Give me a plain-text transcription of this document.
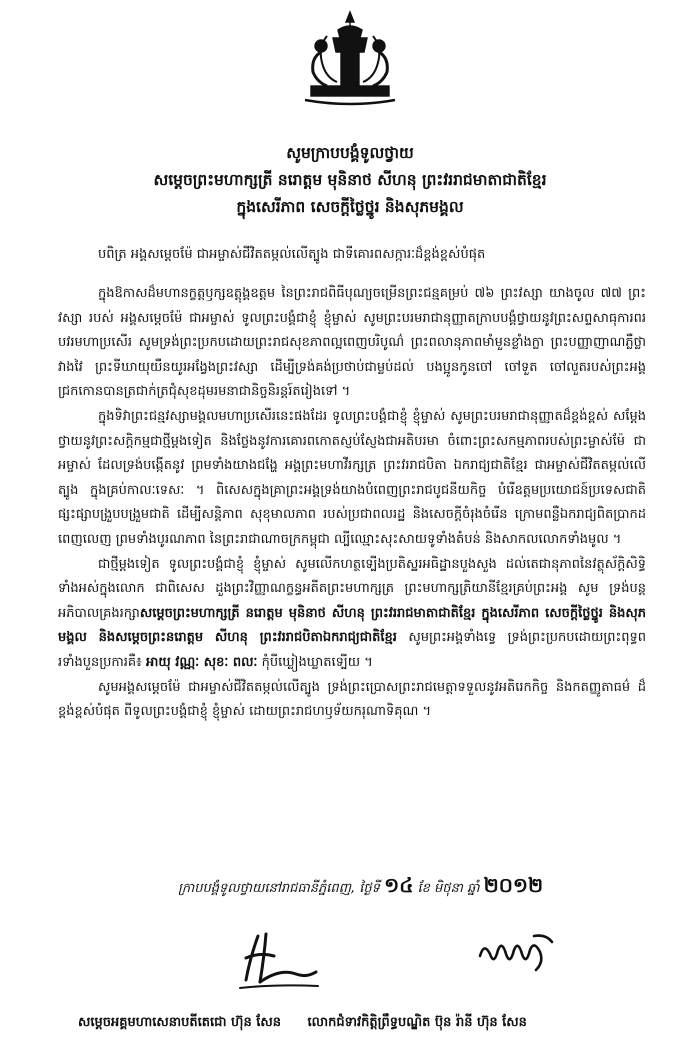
សូមក្រាបបង្គំទូលថ្វាយ
សម្តេចព្រះមហាក្សត្រី នរោត្តម មុនិនាថ សីហនុ ព្រះវររាជមាតាជាតិខ្មែរ
ក្នុងសេរីភាព សេចក្តីថ្លៃថ្នូរ និងសុភមង្គល
បពិត្រ អង្គសម្តេចម៉ែ ជាអម្ចាស់ជីវិតតម្កល់លើត្បូង ជាទីគោរពសក្ការៈដ៏ខ្ពង់ខ្ពស់បំផុត

ក្នុងឱកាសដ៏មហានក្ខត្តឫក្សឧត្តុង្គឧត្តម នៃព្រះរាជពិធីបុណ្យចម្រើនព្រះជន្មគម្រប់ ៧៦ ព្រះវស្សា យាងចូល ៧៧ ព្រះវស្សា របស់ អង្គសម្តេចម៉ែ ជាអម្ចាស់ ទូលព្រះបង្គំជាខ្ញុំ ខ្ញុំម្ចាស់ សូមព្រះបរមរាជានុញ្ញាតក្រាបបង្គំថ្វាយនូវព្រះសព្ទសាធុការពរ បវរមហាប្រសើរ សូមទ្រង់ព្រះប្រកបដោយព្រះរាជសុខភាពល្អពេញបរិបូណ៌ ព្រះពលានុភាពមាំមួនខ្លាំងក្លា ព្រះបញ្ញាញាណភ្លឺថ្លាវាងវៃ ព្រះទីឃាយុយឺនយូរអង្វែងព្រះវស្សា ដើម្បីទ្រង់គង់ប្រថាប់ជាម្លប់ដល់ បងប្អូនកូនចៅ ចៅទួត ចៅលួតរបស់ព្រះអង្គ ជ្រកកោនបានត្រជាក់ត្រជុំសុខដុមរមនាជានិច្ចនិរន្តរ៍តរៀងទៅ ។

ក្នុងទិវាព្រះជន្មវស្សាមង្គលមហាប្រសើរនេះផងដែរ ទូលព្រះបង្គំជាខ្ញុំ ខ្ញុំម្ចាស់ សូមព្រះបរមរាជានុញ្ញាតដ៏ខ្ពង់ខ្ពស់ សម្តែងថ្វាយនូវព្រះសក្តិកម្មជាថ្មីម្តងទៀត និងថ្លែងនូវការគោរពកោតស្ញប់ស្ញែងជាអតិបរមា ចំពោះព្រះសកម្មភាពរបស់ព្រះម្ចាស់ម៉ែ ជាអម្ចាស់ ដែលទ្រង់បង្កើតនូវ ព្រមទាំងយាងជង្ហែ អង្គព្រះមហាវីរក្សត្រ ព្រះវររាជបិតា ឯករាជ្យជាតិខ្មែរ ជាអម្ចាស់ជីវិតតម្កល់លើត្បូង ក្នុងគ្រប់កាលៈទេសៈ ។ ពិសេសក្នុងគ្រាព្រះអង្គទ្រង់យាងបំពេញព្រះរាជបូជនីយកិច្ច បំរើឧត្តមប្រយោជន៍ប្រទេសជាតិ ផ្សះផ្សាបង្រួបបង្រួមជាតិ ដើម្បីសន្តិភាព សុខុមាលភាព របស់ប្រជាពលរដ្ឋ និងសេចក្តីចំរុងចំរើន ក្រោមពន្លឺឯករាជ្យពិតប្រាកដ ពេញលេញ ព្រមទាំងបូរណភាព នៃព្រះរាជាណាចក្រកម្ពុជា ល្បីឈ្មោះសុះសាយទូទាំងតំបន់ និងសាកលលោកទាំងមូល ។

ជាថ្មីម្តងទៀត ទូលព្រះបង្គំជាខ្ញុំ ខ្ញុំម្ចាស់ សូមលើកហត្ថទ្បើងប្រតិស្ឋរអធិដ្ឋានបួងសួង ដល់តេជានុភាពនៃវត្ថុស័ក្តិសិទ្ធិទាំងអស់ក្នុងលោក ជាពិសេស ដួងព្រះវិញ្ញាណក្ខន្ធអតីតព្រះមហាក្សត្រ ព្រះមហាក្សត្រិយានីខ្មែរគ្រប់ព្រះអង្គ សូម ទ្រង់បន្តអភិបាលគ្រងរក្សាសម្តេចព្រះមហាក្សត្រី នរោត្តម មុនិនាថ សីហនុ ព្រះវររាជមាតាជាតិខ្មែរ ក្នុងសេរីភាព សេចក្តីថ្លៃថ្នូរ និងសុភមង្គល និងសម្តេចព្រះនរោត្តម សីហនុ ព្រះវររាជបិតាឯករាជ្យជាតិខ្មែរ សូមព្រះអង្គទាំងទ្វេ ទ្រង់ព្រះប្រកបដោយព្រះពុទ្ធពរទាំងបួនប្រការគឺ៖ អាយុ វណ្ណៈ សុខៈ ពលៈ កុំបីឃ្លៀងឃ្លាតទ្បើយ ។

សូមអង្គសម្តេចម៉ែ ជាអម្ចាស់ជីវិតតម្កល់លើត្បូង ទ្រង់ព្រះប្រោសព្រះរាជមេត្តាទទួលនូវអតិរេកកិច្ច និងកតញ្ញូតាធម៌ ដ៏ខ្ពង់ខ្ពស់បំផុត ពីទូលព្រះបង្គំជាខ្ញុំ ខ្ញុំម្ចាស់ ដោយព្រះរាជហឫទ័យករុណាទិគុណ ។

ក្រាបបង្គំទូលថ្វាយនៅរាជធានីភ្នំពេញ, ថ្ងៃទី ១៤ ខែ មិថុនា ឆ្នាំ ២០១២
សម្តេចអគ្គមហាសេនាបតីតេជោ ហ៊ុន សែន លោកជំទាវកិត្តិព្រឹទ្ធបណ្ឌិត ប៊ុន រ៉ានី ហ៊ុន សែន
